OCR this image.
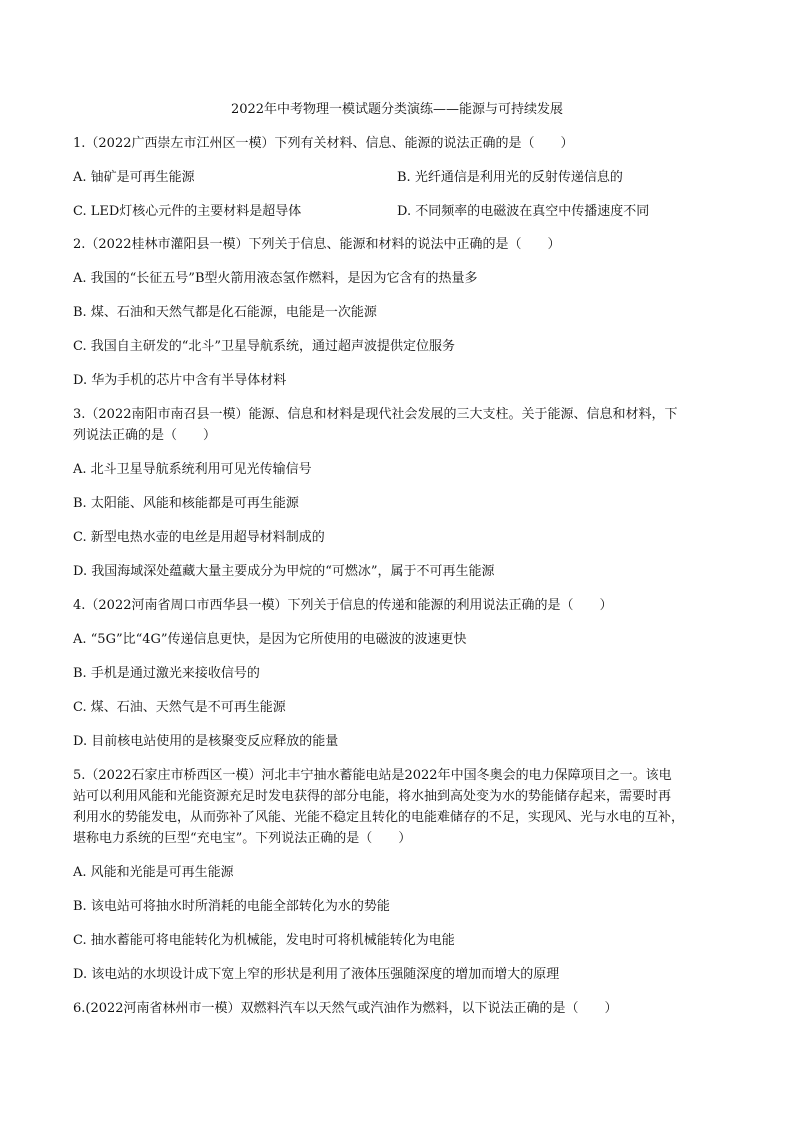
2022年中考物理一模试题分类演练——能源与可持续发展
1.（2022广西崇左市江州区一模）下列有关材料、信息、能源的说法正确的是（　　）
A. 铀矿是可再生能源	B. 光纤通信是利用光的反射传递信息的
C. LED灯核心元件的主要材料是超导体	D. 不同频率的电磁波在真空中传播速度不同
2.（2022桂林市灌阳县一模）下列关于信息、能源和材料的说法中正确的是（　　）
A. 我国的“长征五号”B型火箭用液态氢作燃料，是因为它含有的热量多
B. 煤、石油和天然气都是化石能源，电能是一次能源
C. 我国自主研发的“北斗”卫星导航系统，通过超声波提供定位服务
D. 华为手机的芯片中含有半导体材料
3.（2022南阳市南召县一模）能源、信息和材料是现代社会发展的三大支柱。关于能源、信息和材料，下
列说法正确的是（　　）
A. 北斗卫星导航系统利用可见光传输信号
B. 太阳能、风能和核能都是可再生能源
C. 新型电热水壶的电丝是用超导材料制成的
D. 我国海域深处蕴藏大量主要成分为甲烷的“可燃冰”，属于不可再生能源
4.（2022河南省周口市西华县一模）下列关于信息的传递和能源的利用说法正确的是（　　）
A. “5G”比“4G”传递信息更快，是因为它所使用的电磁波的波速更快
B. 手机是通过激光来接收信号的
C. 煤、石油、天然气是不可再生能源
D. 目前核电站使用的是核聚变反应释放的能量
5.（2022石家庄市桥西区一模）河北丰宁抽水蓄能电站是2022年中国冬奥会的电力保障项目之一。该电
站可以利用风能和光能资源充足时发电获得的部分电能，将水抽到高处变为水的势能储存起来，需要时再
利用水的势能发电，从而弥补了风能、光能不稳定且转化的电能难储存的不足，实现风、光与水电的互补，
堪称电力系统的巨型“充电宝”。下列说法正确的是（　　）
A. 风能和光能是可再生能源
B. 该电站可将抽水时所消耗的电能全部转化为水的势能
C. 抽水蓄能可将电能转化为机械能，发电时可将机械能转化为电能
D. 该电站的水坝设计成下宽上窄的形状是利用了液体压强随深度的增加而增大的原理
6.(2022河南省林州市一模）双燃料汽车以天然气或汽油作为燃料，以下说法正确的是（　　）
